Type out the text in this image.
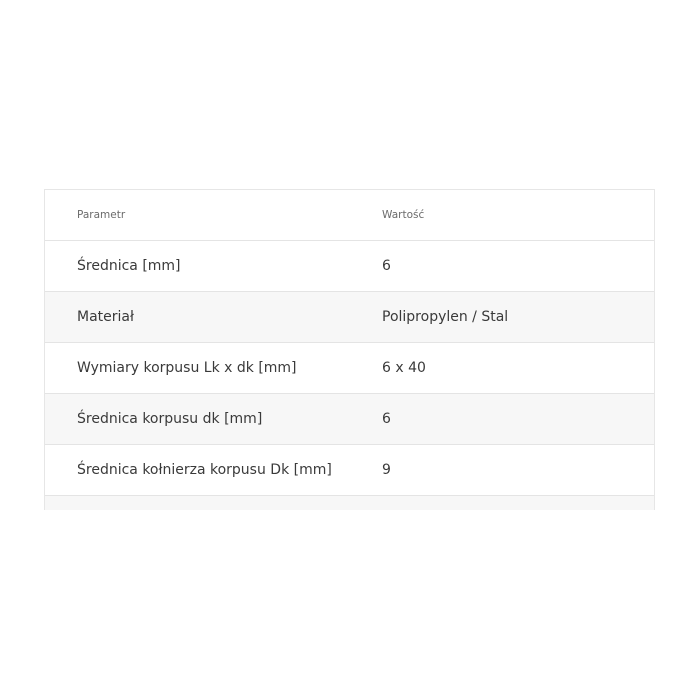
Parametr	Wartość
Średnica [mm]	6
Materiał	Polipropylen / Stal
Wymiary korpusu Lk x dk [mm]	6 x 40
Średnica korpusu dk [mm]	6
Średnica kołnierza korpusu Dk [mm]	9
